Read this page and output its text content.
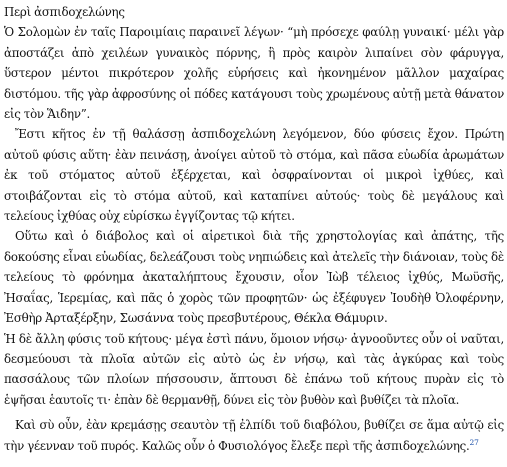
Περὶ ἀσπιδοχελώνης

Ὁ Σολομὼν ἐν ταῖς Παροιμίαις παραινεῖ λέγων· “μὴ πρόσεχε φαύλῃ γυναικί· μέλι γὰρ ἀποστάζει ἀπὸ χειλέων γυναικὸς πόρνης, ἣ πρὸς καιρὸν λιπαίνει σὸν φάρυγγα, ὕστερον μέντοι πικρότερον χολῆς εὑρήσεις καὶ ἠκονημένον μᾶλλον μαχαίρας διστόμου. τῆς γὰρ ἀφροσύνης οἱ πόδες κατάγουσι τοὺς χρωμένους αὐτῇ μετὰ θάνατον εἰς τὸν Ἅιδην”.

Ἔστι κῆτος ἐν τῇ θαλάσσῃ ἀσπιδοχελώνη λεγόμενον, δύο φύσεις ἔχον. Πρώτη αὐτοῦ φύσις αὕτη· ἐὰν πεινάσῃ, ἀνοίγει αὐτοῦ τὸ στόμα, καὶ πᾶσα εὐωδία ἀρωμάτων ἐκ τοῦ στόματος αὐτοῦ ἐξέρχεται, καὶ ὀσφραίνονται οἱ μικροὶ ἰχθύες, καὶ στοιβάζονται εἰς τὸ στόμα αὐτοῦ, καὶ καταπίνει αὐτούς· τοὺς δὲ μεγάλους καὶ τελείους ἰχθύας οὐχ εὑρίσκω ἐγγίζοντας τῷ κήτει.

Οὕτω καὶ ὁ διάβολος καὶ οἱ αἱρετικοὶ διὰ τῆς χρηστολογίας καὶ ἀπάτης, τῆς δοκούσης εἶναι εὐωδίας, δελεάζουσι τοὺς νηπιώδεις καὶ ἀτελεῖς τὴν διάνοιαν, τοὺς δὲ τελείους τὸ φρόνημα ἀκαταλήπτους ἔχουσιν, οἷον Ἰὼβ τέλειος ἰχθύς, Μωϋσῆς, Ἠσαΐας, Ἱερεμίας, καὶ πᾶς ὁ χορὸς τῶν προφητῶν· ὡς ἐξέφυγεν Ἰουδὴθ Ὀλοφέρνην, Ἐσθὴρ Ἀρταξέρξην, Σωσάννα τοὺς πρεσβυτέρους, Θέκλα Θάμυριν.

Ἡ δὲ ἄλλη φύσις τοῦ κήτους· μέγα ἐστὶ πάνυ, ὅμοιον νήσῳ· ἀγνοοῦντες οὖν οἱ ναῦται, δεσμεύουσι τὰ πλοῖα αὐτῶν εἰς αὐτὸ ὡς ἐν νήσῳ, καὶ τὰς ἀγκύρας καὶ τοὺς πασσάλους τῶν πλοίων πήσσουσιν, ἅπτουσι δὲ ἐπάνω τοῦ κήτους πυρὰν εἰς τὸ ἑψῆσαι ἑαυτοῖς τι· ἐπὰν δὲ θερμανθῇ, δύνει εἰς τὸν βυθὸν καὶ βυθίζει τὰ πλοῖα.

Καὶ σὺ οὖν, ἐὰν κρεμάσῃς σεαυτὸν τῇ ἐλπίδι τοῦ διαβόλου, βυθίζει σε ἅμα αὐτῷ εἰς τὴν γέενναν τοῦ πυρός. Καλῶς οὖν ὁ Φυσιολόγος ἔλεξε περὶ τῆς ἀσπιδοχελώνης.$^{27}$
